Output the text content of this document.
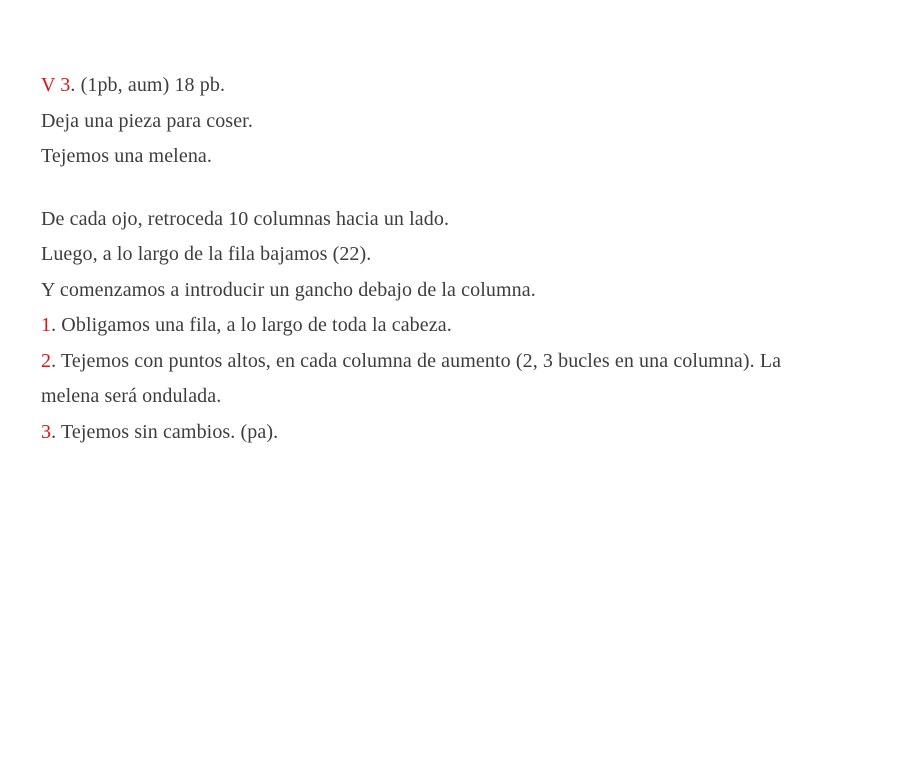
V 3. (1pb, aum) 18 pb.

Deja una pieza para coser.

Tejemos una melena.

De cada ojo, retroceda 10 columnas hacia un lado.

Luego, a lo largo de la fila bajamos (22).

Y comenzamos a introducir un gancho debajo de la columna.

1. Obligamos una fila, a lo largo de toda la cabeza.

2. Tejemos con puntos altos, en cada columna de aumento (2, 3 bucles en una columna). La

melena será ondulada.

3. Tejemos sin cambios. (pa).
